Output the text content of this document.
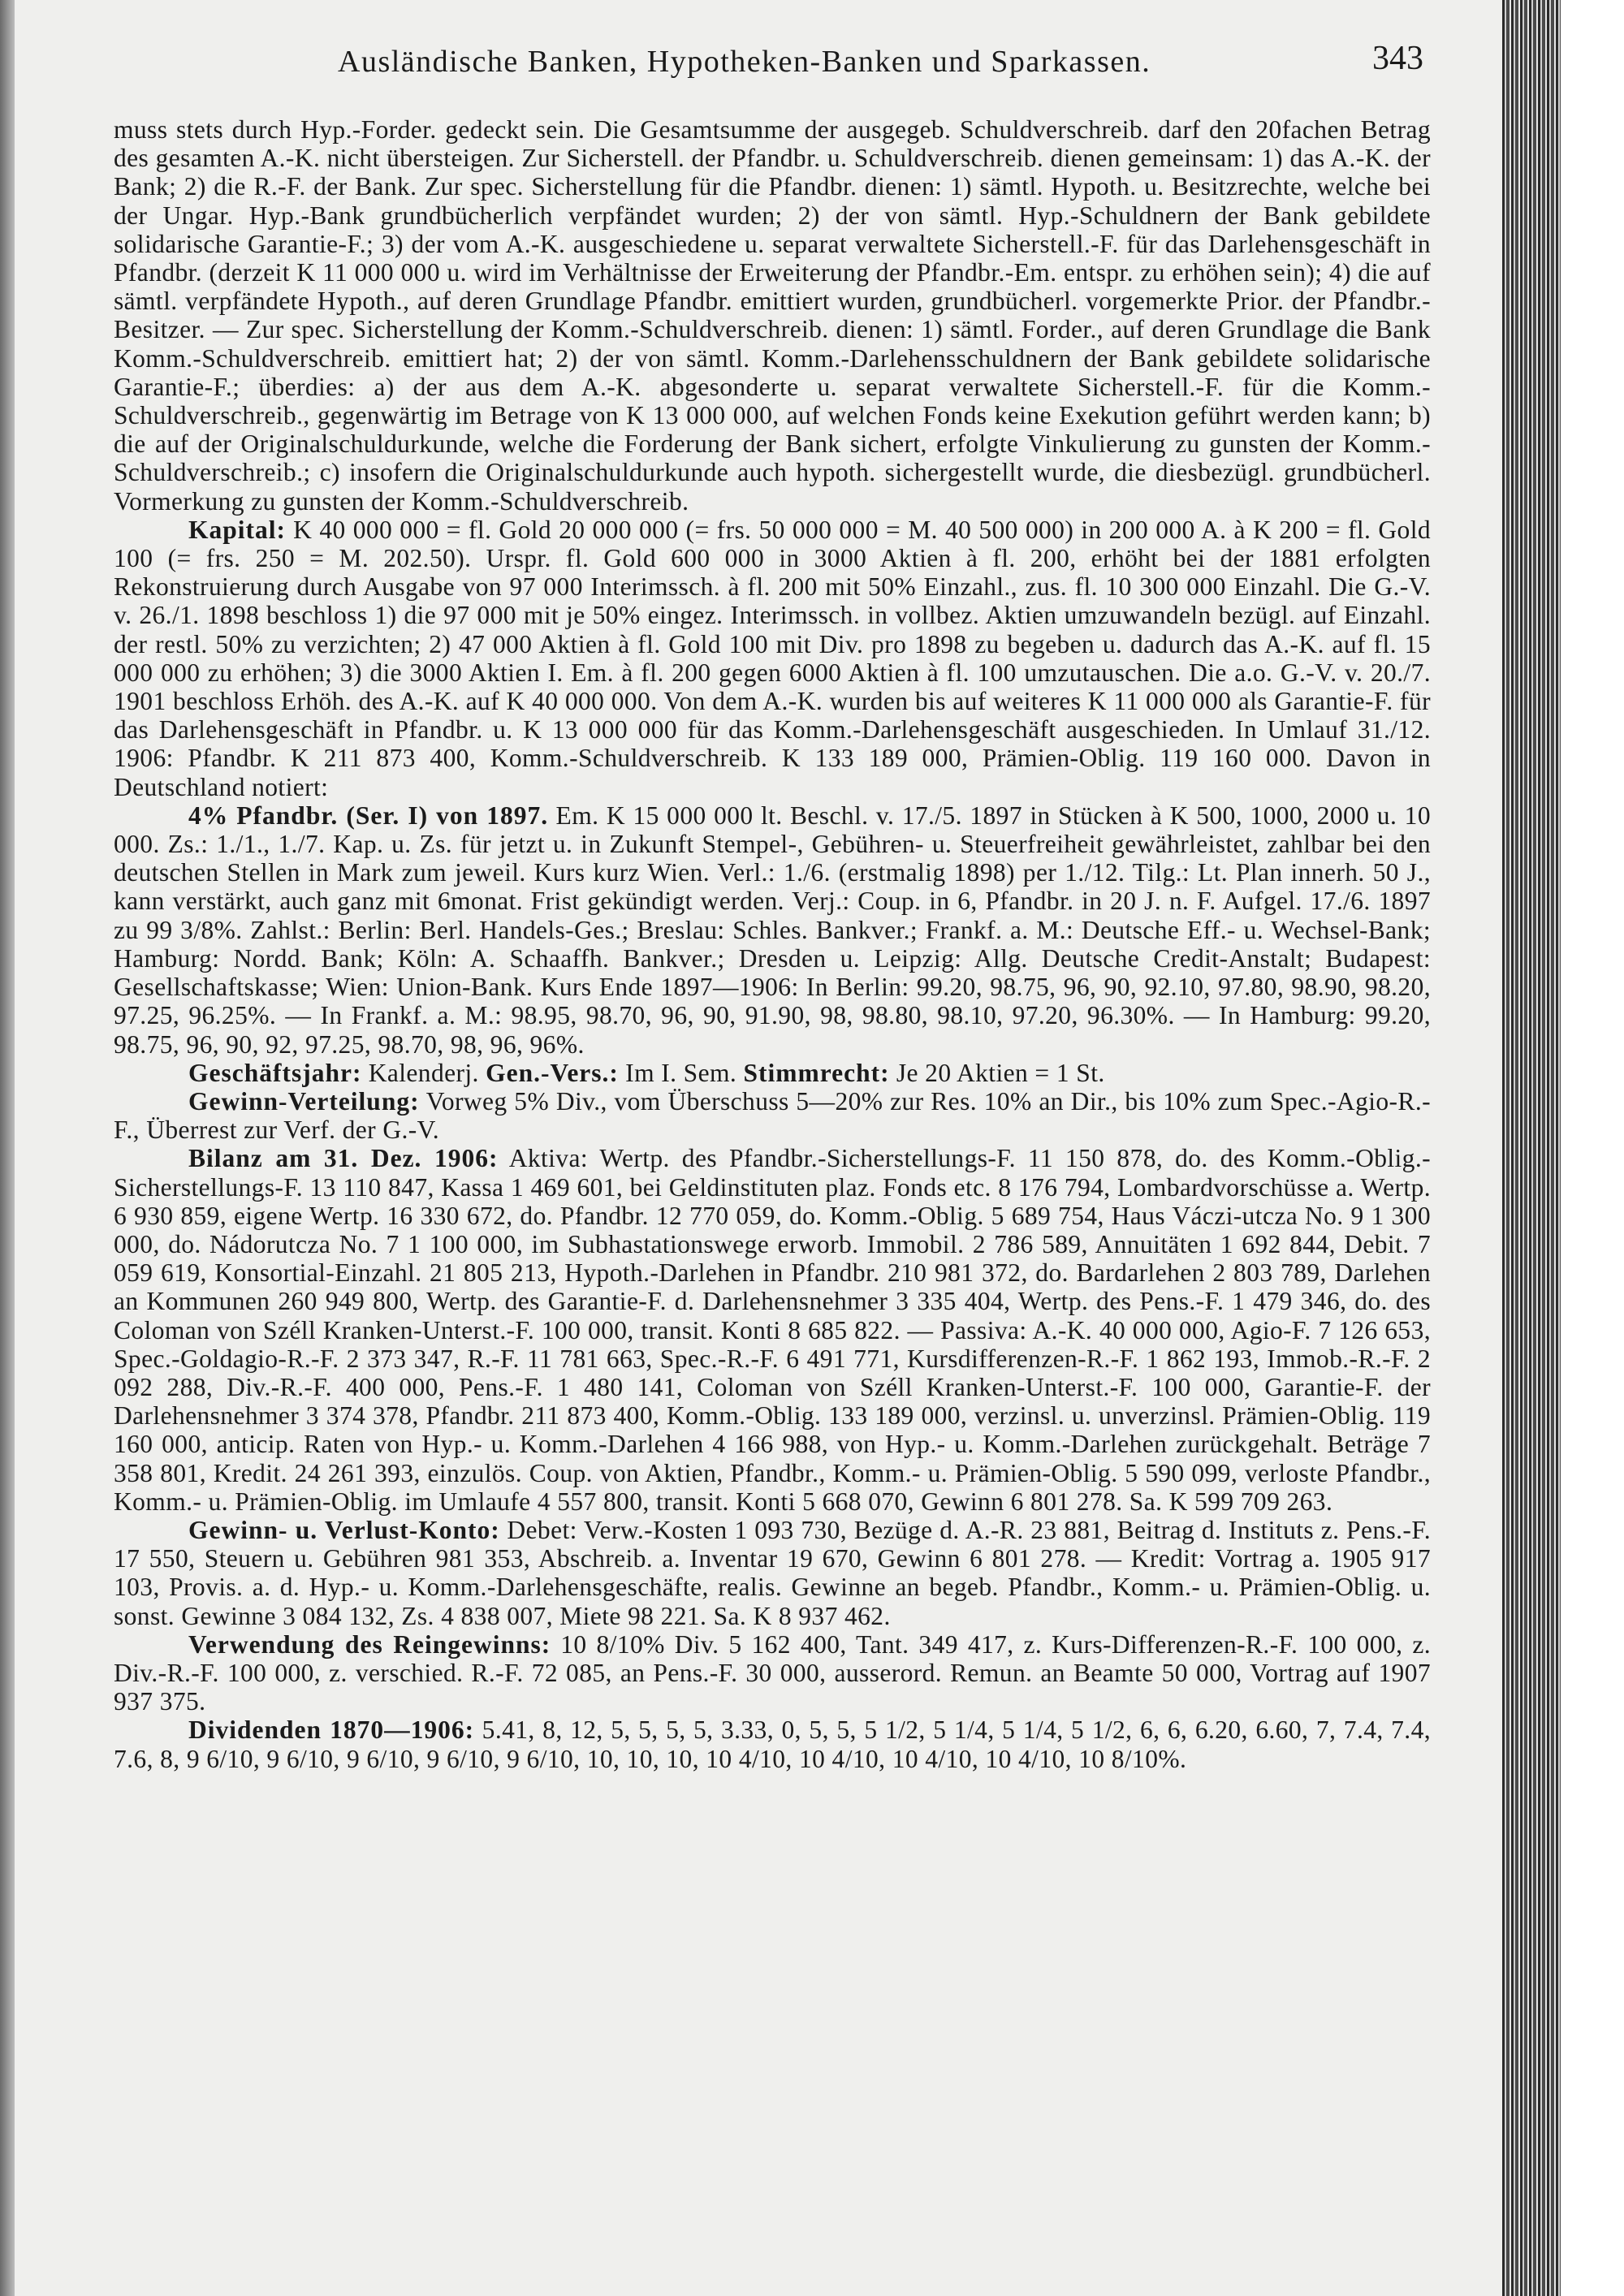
Ausländische Banken, Hypotheken-Banken und Sparkassen.	343

muss stets durch Hyp.-Forder. gedeckt sein. Die Gesamtsumme der ausgegeb. Schuldverschreib. darf den 20fachen Betrag des gesamten A.-K. nicht übersteigen. Zur Sicherstell. der Pfandbr. u. Schuldverschreib. dienen gemeinsam: 1) das A.-K. der Bank; 2) die R.-F. der Bank. Zur spec. Sicherstellung für die Pfandbr. dienen: 1) sämtl. Hypoth. u. Besitzrechte, welche bei der Ungar. Hyp.-Bank grundbücherlich verpfändet wurden; 2) der von sämtl. Hyp.-Schuldnern der Bank gebildete solidarische Garantie-F.; 3) der vom A.-K. ausgeschiedene u. separat verwaltete Sicherstell.-F. für das Darlehensgeschäft in Pfandbr. (derzeit K 11 000 000 u. wird im Verhältnisse der Erweiterung der Pfandbr.-Em. entspr. zu erhöhen sein); 4) die auf sämtl. verpfändete Hypoth., auf deren Grundlage Pfandbr. emittiert wurden, grundbücherl. vorgemerkte Prior. der Pfandbr.-Besitzer. — Zur spec. Sicherstellung der Komm.-Schuldverschreib. dienen: 1) sämtl. Forder., auf deren Grundlage die Bank Komm.-Schuldverschreib. emittiert hat; 2) der von sämtl. Komm.-Darlehensschuldnern der Bank gebildete solidarische Garantie-F.; überdies: a) der aus dem A.-K. abgesonderte u. separat verwaltete Sicherstell.-F. für die Komm.-Schuldverschreib., gegenwärtig im Betrage von K 13 000 000, auf welchen Fonds keine Exekution geführt werden kann; b) die auf der Originalschuldurkunde, welche die Forderung der Bank sichert, erfolgte Vinkulierung zu gunsten der Komm.-Schuldverschreib.; c) insofern die Originalschuldurkunde auch hypoth. sichergestellt wurde, die diesbezügl. grundbücherl. Vormerkung zu gunsten der Komm.-Schuldverschreib.

Kapital: K 40 000 000 = fl. Gold 20 000 000 (= frs. 50 000 000 = M. 40 500 000) in 200 000 A. à K 200 = fl. Gold 100 (= frs. 250 = M. 202.50). Urspr. fl. Gold 600 000 in 3000 Aktien à fl. 200, erhöht bei der 1881 erfolgten Rekonstruierung durch Ausgabe von 97 000 Interimssch. à fl. 200 mit 50% Einzahl., zus. fl. 10 300 000 Einzahl. Die G.-V. v. 26./1. 1898 beschloss 1) die 97 000 mit je 50% eingez. Interimssch. in vollbez. Aktien umzuwandeln bezügl. auf Einzahl. der restl. 50% zu verzichten; 2) 47 000 Aktien à fl. Gold 100 mit Div. pro 1898 zu begeben u. dadurch das A.-K. auf fl. 15 000 000 zu erhöhen; 3) die 3000 Aktien I. Em. à fl. 200 gegen 6000 Aktien à fl. 100 umzutauschen. Die a.o. G.-V. v. 20./7. 1901 beschloss Erhöh. des A.-K. auf K 40 000 000. Von dem A.-K. wurden bis auf weiteres K 11 000 000 als Garantie-F. für das Darlehensgeschäft in Pfandbr. u. K 13 000 000 für das Komm.-Darlehensgeschäft ausgeschieden. In Umlauf 31./12. 1906: Pfandbr. K 211 873 400, Komm.-Schuldverschreib. K 133 189 000, Prämien-Oblig. 119 160 000. Davon in Deutschland notiert:

4% Pfandbr. (Ser. I) von 1897. Em. K 15 000 000 lt. Beschl. v. 17./5. 1897 in Stücken à K 500, 1000, 2000 u. 10 000. Zs.: 1./1., 1./7. Kap. u. Zs. für jetzt u. in Zukunft Stempel-, Gebühren- u. Steuerfreiheit gewährleistet, zahlbar bei den deutschen Stellen in Mark zum jeweil. Kurs kurz Wien. Verl.: 1./6. (erstmalig 1898) per 1./12. Tilg.: Lt. Plan innerh. 50 J., kann verstärkt, auch ganz mit 6monat. Frist gekündigt werden. Verj.: Coup. in 6, Pfandbr. in 20 J. n. F. Aufgel. 17./6. 1897 zu 99 3/8%. Zahlst.: Berlin: Berl. Handels-Ges.; Breslau: Schles. Bankver.; Frankf. a. M.: Deutsche Eff.- u. Wechsel-Bank; Hamburg: Nordd. Bank; Köln: A. Schaaffh. Bankver.; Dresden u. Leipzig: Allg. Deutsche Credit-Anstalt; Budapest: Gesellschaftskasse; Wien: Union-Bank. Kurs Ende 1897—1906: In Berlin: 99.20, 98.75, 96, 90, 92.10, 97.80, 98.90, 98.20, 97.25, 96.25%. — In Frankf. a. M.: 98.95, 98.70, 96, 90, 91.90, 98, 98.80, 98.10, 97.20, 96.30%. — In Hamburg: 99.20, 98.75, 96, 90, 92, 97.25, 98.70, 98, 96, 96%.

Geschäftsjahr: Kalenderj. Gen.-Vers.: Im I. Sem. Stimmrecht: Je 20 Aktien = 1 St.

Gewinn-Verteilung: Vorweg 5% Div., vom Überschuss 5—20% zur Res. 10% an Dir., bis 10% zum Spec.-Agio-R.-F., Überrest zur Verf. der G.-V.

Bilanz am 31. Dez. 1906: Aktiva: Wertp. des Pfandbr.-Sicherstellungs-F. 11 150 878, do. des Komm.-Oblig.-Sicherstellungs-F. 13 110 847, Kassa 1 469 601, bei Geldinstituten plaz. Fonds etc. 8 176 794, Lombardvorschüsse a. Wertp. 6 930 859, eigene Wertp. 16 330 672, do. Pfandbr. 12 770 059, do. Komm.-Oblig. 5 689 754, Haus Váczi-utcza No. 9 1 300 000, do. Nádorutcza No. 7 1 100 000, im Subhastationswege erworb. Immobil. 2 786 589, Annuitäten 1 692 844, Debit. 7 059 619, Konsortial-Einzahl. 21 805 213, Hypoth.-Darlehen in Pfandbr. 210 981 372, do. Bardarlehen 2 803 789, Darlehen an Kommunen 260 949 800, Wertp. des Garantie-F. d. Darlehensnehmer 3 335 404, Wertp. des Pens.-F. 1 479 346, do. des Coloman von Széll Kranken-Unterst.-F. 100 000, transit. Konti 8 685 822. — Passiva: A.-K. 40 000 000, Agio-F. 7 126 653, Spec.-Goldagio-R.-F. 2 373 347, R.-F. 11 781 663, Spec.-R.-F. 6 491 771, Kursdifferenzen-R.-F. 1 862 193, Immob.-R.-F. 2 092 288, Div.-R.-F. 400 000, Pens.-F. 1 480 141, Coloman von Széll Kranken-Unterst.-F. 100 000, Garantie-F. der Darlehensnehmer 3 374 378, Pfandbr. 211 873 400, Komm.-Oblig. 133 189 000, verzinsl. u. unverzinsl. Prämien-Oblig. 119 160 000, anticip. Raten von Hyp.- u. Komm.-Darlehen 4 166 988, von Hyp.- u. Komm.-Darlehen zurückgehalt. Beträge 7 358 801, Kredit. 24 261 393, einzulös. Coup. von Aktien, Pfandbr., Komm.- u. Prämien-Oblig. 5 590 099, verloste Pfandbr., Komm.- u. Prämien-Oblig. im Umlaufe 4 557 800, transit. Konti 5 668 070, Gewinn 6 801 278. Sa. K 599 709 263.

Gewinn- u. Verlust-Konto: Debet: Verw.-Kosten 1 093 730, Bezüge d. A.-R. 23 881, Beitrag d. Instituts z. Pens.-F. 17 550, Steuern u. Gebühren 981 353, Abschreib. a. Inventar 19 670, Gewinn 6 801 278. — Kredit: Vortrag a. 1905 917 103, Provis. a. d. Hyp.- u. Komm.-Darlehensgeschäfte, realis. Gewinne an begeb. Pfandbr., Komm.- u. Prämien-Oblig. u. sonst. Gewinne 3 084 132, Zs. 4 838 007, Miete 98 221. Sa. K 8 937 462.

Verwendung des Reingewinns: 10 8/10% Div. 5 162 400, Tant. 349 417, z. Kurs-Differenzen-R.-F. 100 000, z. Div.-R.-F. 100 000, z. verschied. R.-F. 72 085, an Pens.-F. 30 000, ausserord. Remun. an Beamte 50 000, Vortrag auf 1907 937 375.

Dividenden 1870—1906: 5.41, 8, 12, 5, 5, 5, 5, 3.33, 0, 5, 5, 5 1/2, 5 1/4, 5 1/4, 5 1/2, 6, 6, 6.20, 6.60, 7, 7.4, 7.4, 7.6, 8, 9 6/10, 9 6/10, 9 6/10, 9 6/10, 9 6/10, 10, 10, 10, 10 4/10, 10 4/10, 10 4/10, 10 4/10, 10 8/10%.
